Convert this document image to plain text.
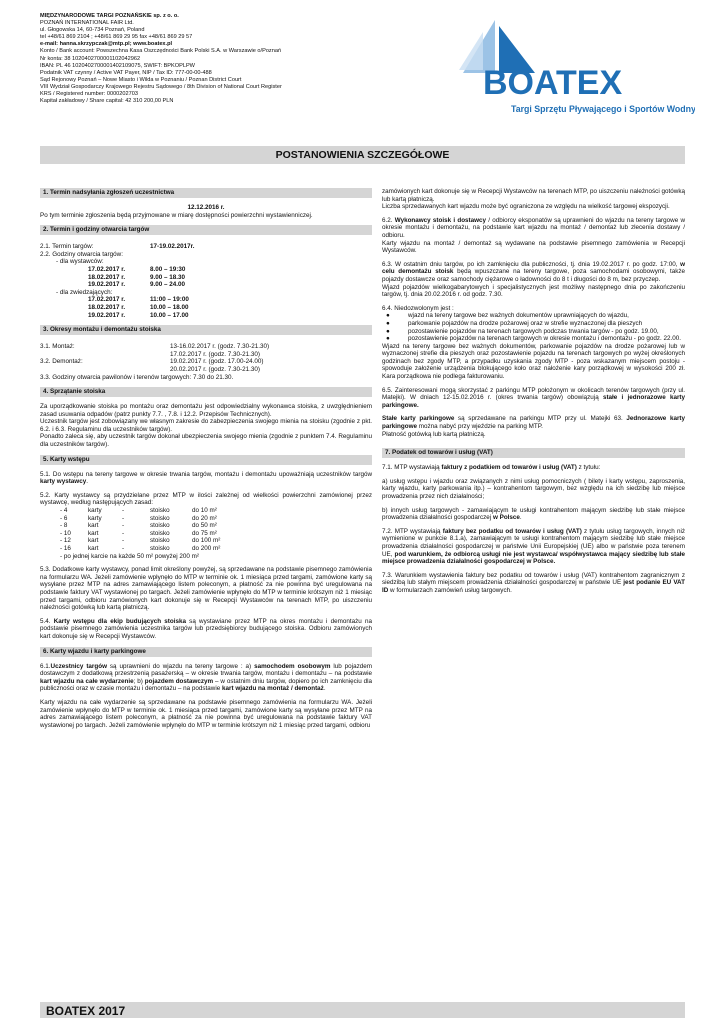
MIĘDZYNARODOWE TARGI POZNAŃSKIE sp. z o. o.
POZNAŃ INTERNATIONAL FAIR Ltd.
ul. Głogowska 14, 60-734 Poznań, Poland
tel +48/61 869 2104 ; +48/61 869 29 95 fax +48/61 869 29 57
e-mail: hanna.skrzypczak@mtp.pl; www.boatex.pl
Konto / Bank account: Powszechna Kasa Oszczędności Bank Polski S.A. w Warszawie o/Poznań
Nr konta: 38 1020402700001102042962
IBAN: PL 46 1020402700001402109075, SWIFT: BPKOPLPW
Podatnik VAT czynny / Active VAT Payer, NIP / Tax ID: 777-00-00-488
Sąd Rejonowy Poznań – Nowe Miasto i Wilda w Poznaniu / Poznan District Court
VIII Wydział Gospodarczy Krajowego Rejestru Sądowego / 8th Division of National Court Register
KRS / Registered number: 0000202703
Kapitał zakładowy / Share capital: 42 310 200,00 PLN	BOATEX
Targi Sprzętu Pływającego i Sportów Wodnych
POSTANOWIENIA SZCZEGÓŁOWE
1. Termin nadsyłania zgłoszeń uczestnictwa
12.12.2016 r.

Po tym terminie zgłoszenia będą przyjmowane w miarę dostępności powierzchni wystawienniczej.

2. Termin i godziny otwarcia targów
2.1. Termin targów:	17-19.02.2017r.
2.2. Godziny otwarcia targów:
- dla wystawców:
17.02.2017 r.	8.00 – 19:30
18.02.2017 r.	9.00 – 18.30
19.02.2017 r.	9.00 – 24.00
- dla zwiedzających:
17.02.2017 r.	11:00 – 19:00
18.02.2017 r.	10.00 – 18.00
19.02.2017 r.	10.00 – 17.00
3. Okresy montażu i demontażu stoiska
3.1. Montaż:	13-16.02.2017 r. (godz. 7.30-21.30)
17.02.2017 r. (godz. 7.30-21.30)
3.2. Demontaż:	19.02.2017 r. (godz. 17.00-24.00)
20.02.2017 r. (godz. 7.30-21.30)
3.3. Godziny otwarcia pawilonów i terenów targowych: 7.30 do 21.30.
4. Sprzątanie stoiska

Za uporządkowanie stoiska po montażu oraz demontażu jest odpowiedzialny wykonawca stoiska, z uwzględnieniem zasad usuwania odpadów (patrz punkty 7.7. , 7.8. i 12.2. Przepisów Technicznych).

Uczestnik targów jest zobowiązany we własnym zakresie do zabezpieczenia swojego mienia na stoisku (zgodnie z pkt. 6.2. i 6.3. Regulaminu dla uczestników targów).

Ponadto zaleca się, aby uczestnik targów dokonał ubezpieczenia swojego mienia (zgodnie z punktem 7.4. Regulaminu dla uczestników targów).

5. Karty wstępu

5.1. Do wstępu na tereny targowe w okresie trwania targów, montażu i demontażu upoważniają uczestników targów karty wystawcy.

5.2. Karty wystawcy są przydzielane przez MTP w ilości zależnej od wielkości powierzchni zamówionej przez wystawcę, według następujących zasad:

- 4	karty	-	stoisko	do 10 m²
- 6	karty	-	stoisko	do 20 m²
- 8	kart	-	stoisko	do 50 m²
- 10	kart	-	stoisko	do 75 m²
- 12	kart	-	stoisko	do 100 m²
- 16	kart	-	stoisko	do 200 m²
- po jednej karcie na każde 50 m² powyżej 200 m²

5.3. Dodatkowe karty wystawcy, ponad limit określony powyżej, są sprzedawane na podstawie pisemnego zamówienia na formularzu WA. Jeżeli zamówienie wpłynęło do MTP w terminie ok. 1 miesiąca przed targami, zamówione karty są wysyłane przez MTP na adres zamawiającego listem poleconym, a płatność za nie powinna być uregulowana na podstawie faktury VAT wystawionej po targach. Jeżeli zamówienie wpłynęło do MTP w terminie krótszym niż 1 miesiąc przed targami, odbioru zamówionych kart dokonuje się w Recepcji Wystawców na terenach MTP, po uiszczeniu należności gotówką lub kartą płatniczą.

5.4. Karty wstępu dla ekip budujących stoiska są wystawiane przez MTP na okres montażu i demontażu na podstawie pisemnego zamówienia uczestnika targów lub przedsiębiorcy budującego stoiska. Odbioru zamówionych kart dokonuje się w Recepcji Wystawców.

6. Karty wjazdu i karty parkingowe

6.1.Uczestnicy targów są uprawnieni do wjazdu na tereny targowe : a) samochodem osobowym lub pojazdem dostawczym z dodatkową przestrzenią pasażerską – w okresie trwania targów, montażu i demontażu – na podstawie kart wjazdu na całe wydarzenie; b) pojazdem dostawczym – w ostatnim dniu targów, dopiero po ich zamknięciu dla publiczności oraz w czasie montażu i demontażu – na podstawie kart wjazdu na montaż / demontaż.

Karty wjazdu na całe wydarzenie są sprzedawane na podstawie pisemnego zamówienia na formularzu WA. Jeżeli zamówienie wpłynęło do MTP w terminie ok. 1 miesiąca przed targami, zamówione karty są wysyłane przez MTP na adres zamawiającego listem poleconym, a płatność za nie powinna być uregulowana na podstawie faktury VAT wystawionej po targach. Jeżeli zamówienie wpłynęło do MTP w terminie krótszym niż 1 miesiąc przed targami, odbioru

zamówionych kart dokonuje się w Recepcji Wystawców na terenach MTP, po uiszczeniu należności gotówką lub kartą płatniczą.

Liczba sprzedawanych kart wjazdu może być ograniczona ze względu na wielkość targowej ekspozycji.

6.2. Wykonawcy stoisk i dostawcy / odbiorcy eksponatów są uprawnieni do wjazdu na tereny targowe w okresie montażu i demontażu, na podstawie kart wjazdu na montaż / demontaż lub zlecenia dostawy / odbioru.

Karty wjazdu na montaż / demontaż są wydawane na podstawie pisemnego zamówienia w Recepcji Wystawców.

6.3. W ostatnim dniu targów, po ich zamknięciu dla publiczności, tj. dnia 19.02.2017 r. po godz. 17:00, w celu demontażu stoisk będą wpuszczane na tereny targowe, poza samochodami osobowymi, także pojazdy dostawcze oraz samochody ciężarowe o ładowności do 8 t i długości do 8 m, bez przyczep.

Wjazd pojazdów wielkogabarytowych i specjalistycznych jest możliwy następnego dnia po zakończeniu targów, tj. dnia 20.02.2016 r. od godz. 7.30.

6.4. Niedozwolonym jest :
●	wjazd na tereny targowe bez ważnych dokumentów uprawniających do wjazdu,
●	parkowanie pojazdów na drodze pożarowej oraz w strefie wyznaczonej dla pieszych
●	pozostawienie pojazdów na terenach targowych podczas trwania targów - po godz. 19.00,
●	pozostawienie pojazdów na terenach targowych w okresie montażu i demontażu - po godz. 22.00.

Wjazd na tereny targowe bez ważnych dokumentów, parkowanie pojazdów na drodze pożarowej lub w wyznaczonej strefie dla pieszych oraz pozostawienie pojazdu na terenach targowych po wyżej określonych godzinach bez zgody MTP, a przypadku uzyskania zgody MTP - poza wskazanym miejscem postoju - spowoduje założenie urządzenia blokującego koło oraz nałożenie kary porządkowej w wysokości 200 zł. Kara porządkowa nie podlega fakturowaniu.

6.5. Zainteresowani mogą skorzystać z parkingu MTP położonym w okolicach terenów targowych (przy ul. Matejki). W dniach 12-15.02.2016 r. (okres trwania targów) obowiązują stałe i jednorazowe karty parkingowe.

Stałe karty parkingowe są sprzedawane na parkingu MTP przy ul. Matejki 63. Jednorazowe karty parkingowe można nabyć przy wjeździe na parking MTP.

Płatność gotówką lub kartą płatniczą.
7. Podatek od towarów i usług (VAT)

7.1. MTP wystawiają faktury z podatkiem od towarów i usług (VAT) z tytułu:

a) usług wstępu i wjazdu oraz związanych z nimi usług pomocniczych ( bilety i karty wstępu, zaproszenia, karty wjazdu, karty parkowania itp.) – kontrahentom targowym, bez względu na ich siedzibę lub miejsce prowadzenia przez nich działalności;

b) innych usług targowych - zamawiającym te usługi kontrahentom mającym siedzibę lub stałe miejsce prowadzenia działalności gospodarczej w Polsce.

7.2. MTP wystawiają faktury bez podatku od towarów i usług (VAT) z tytułu usług targowych, innych niż wymienione w punkcie 8.1.a), zamawiającym te usługi kontrahentom mającym siedzibę lub stałe miejsce prowadzenia działalności gospodarczej w państwie Unii Europejskiej (UE) albo w państwie poza terenem UE, pod warunkiem, że odbiorcą usługi nie jest wystawca/ współwystawca mający siedzibę lub stałe miejsce prowadzenia działalności gospodarczej w Polsce.

7.3. Warunkiem wystawienia faktury bez podatku od towarów i usług (VAT) kontrahentom zagranicznym z siedzibą lub stałym miejscem prowadzenia działalności gospodarczej w państwie UE jest podanie EU VAT ID w formularzach zamówień usług targowych.

BOATEX 2017
